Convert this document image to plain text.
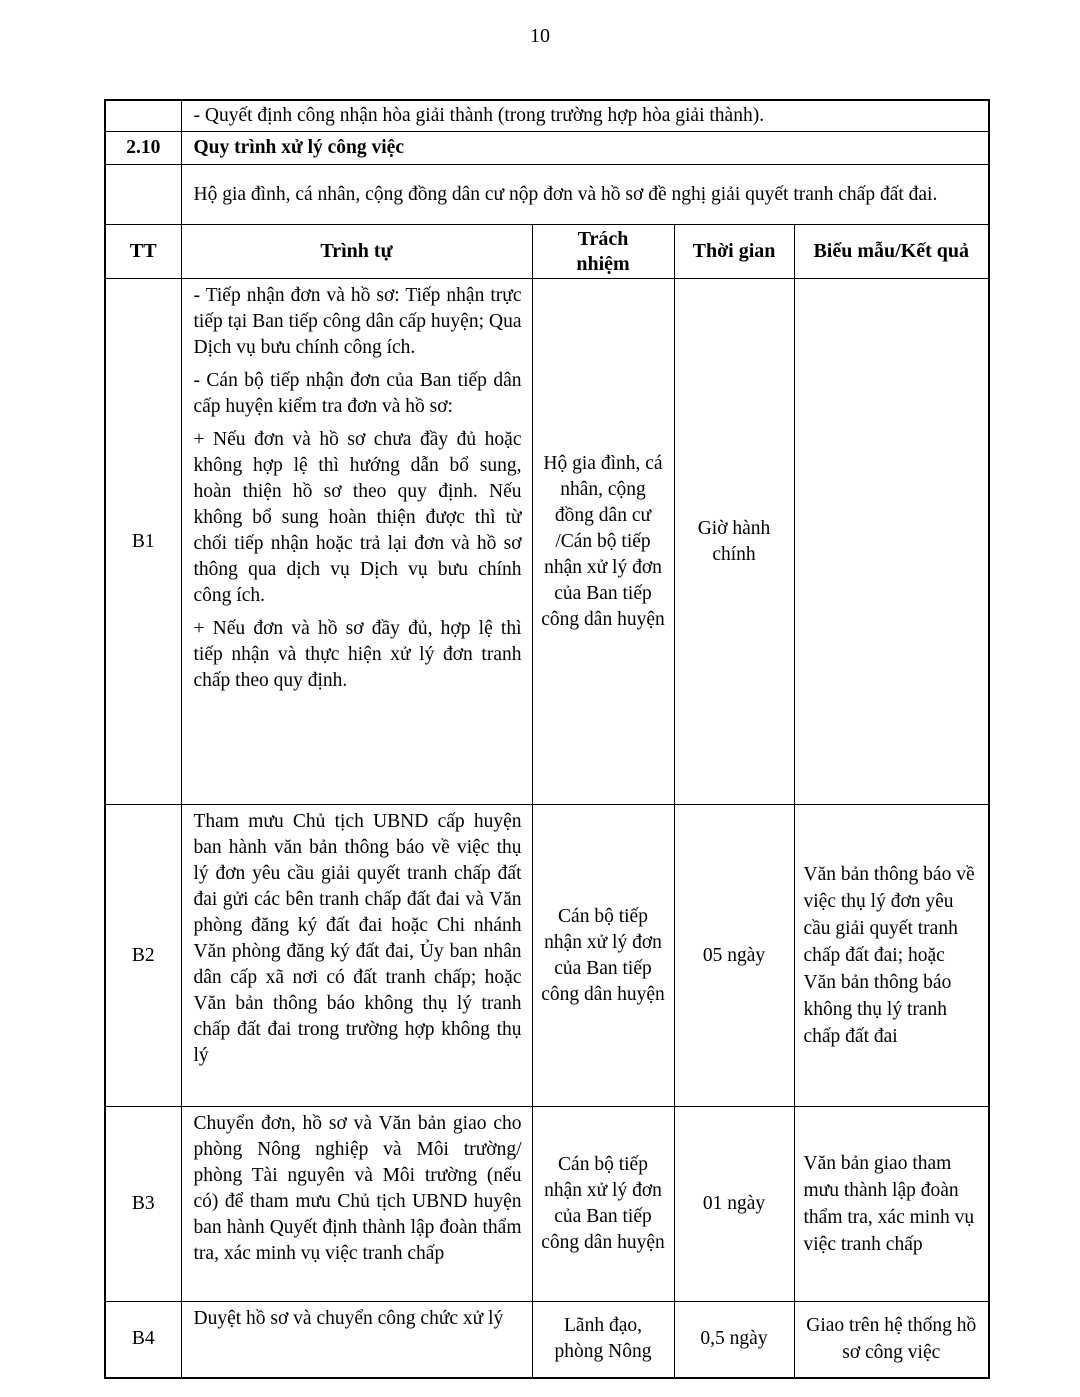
10
	- Quyết định công nhận hòa giải thành (trong trường hợp hòa giải thành).			
2.10	Quy trình xử lý công việc			
	Hộ gia đình, cá nhân, cộng đồng dân cư nộp đơn và hồ sơ đề nghị giải quyết tranh chấp đất đai.			
TT	Trình tự	Trách nhiệm	Thời gian	Biểu mẫu/Kết quả
B1	- Tiếp nhận đơn và hồ sơ: Tiếp nhận trực tiếp tại Ban tiếp công dân cấp huyện; Qua Dịch vụ bưu chính công ích.

- Cán bộ tiếp nhận đơn của Ban tiếp dân cấp huyện kiểm tra đơn và hồ sơ:

+ Nếu đơn và hồ sơ chưa đầy đủ hoặc không hợp lệ thì hướng dẫn bổ sung, hoàn thiện hồ sơ theo quy định. Nếu không bổ sung hoàn thiện được thì từ chối tiếp nhận hoặc trả lại đơn và hồ sơ thông qua dịch vụ Dịch vụ bưu chính công ích.

+ Nếu đơn và hồ sơ đầy đủ, hợp lệ thì tiếp nhận và thực hiện xử lý đơn tranh chấp theo quy định.	Hộ gia đình, cá nhân, cộng đồng dân cư /Cán bộ tiếp nhận xử lý đơn của Ban tiếp công dân huyện	Giờ hành chính	
B2	Tham mưu Chủ tịch UBND cấp huyện ban hành văn bản thông báo về việc thụ lý đơn yêu cầu giải quyết tranh chấp đất đai gửi các bên tranh chấp đất đai và Văn phòng đăng ký đất đai hoặc Chi nhánh Văn phòng đăng ký đất đai, Ủy ban nhân dân cấp xã nơi có đất tranh chấp; hoặc Văn bản thông báo không thụ lý tranh chấp đất đai trong trường hợp không thụ lý	Cán bộ tiếp nhận xử lý đơn của Ban tiếp công dân huyện	05 ngày	Văn bản thông báo về việc thụ lý đơn yêu cầu giải quyết tranh chấp đất đai; hoặc Văn bản thông báo không thụ lý tranh chấp đất đai
B3	Chuyển đơn, hồ sơ và Văn bản giao cho phòng Nông nghiệp và Môi trường/ phòng Tài nguyên và Môi trường (nếu có) để tham mưu Chủ tịch UBND huyện ban hành Quyết định thành lập đoàn thẩm tra, xác minh vụ việc tranh chấp	Cán bộ tiếp nhận xử lý đơn của Ban tiếp công dân huyện	01 ngày	Văn bản giao tham mưu thành lập đoàn thẩm tra, xác minh vụ việc tranh chấp
B4	Duyệt hồ sơ và chuyển công chức xử lý	Lãnh đạo, phòng Nông	0,5 ngày	Giao trên hệ thống hồ sơ công việc
